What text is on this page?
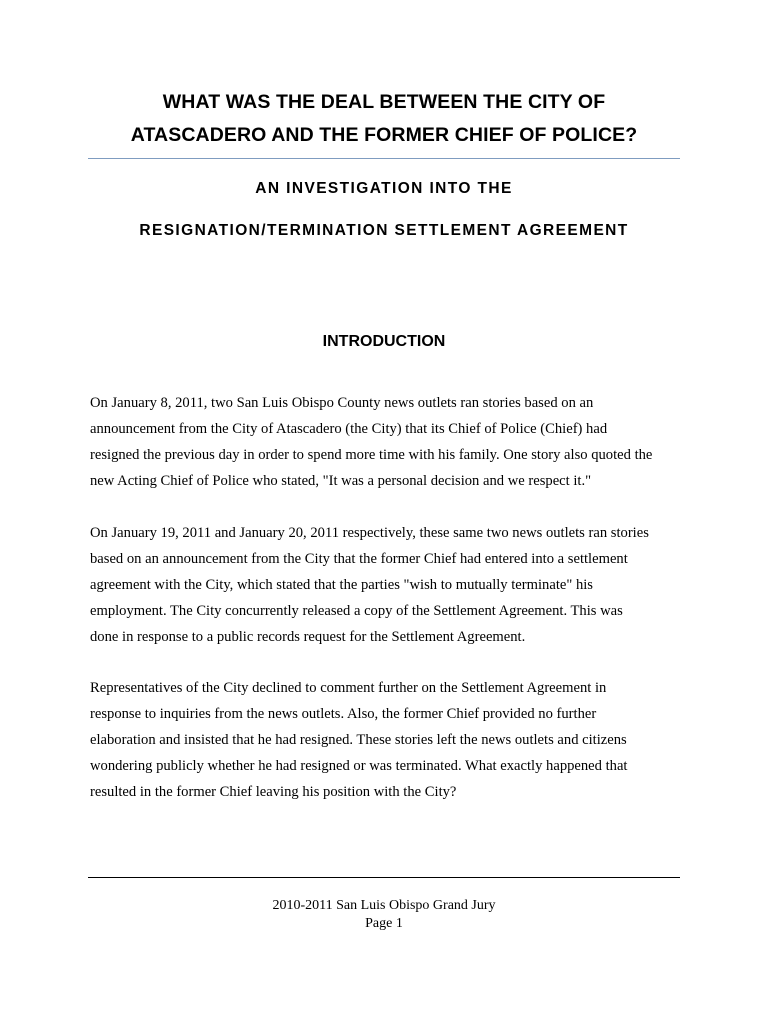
WHAT WAS THE DEAL BETWEEN THE CITY OF
ATASCADERO AND THE FORMER CHIEF OF POLICE?
AN INVESTIGATION INTO THE
RESIGNATION/TERMINATION SETTLEMENT AGREEMENT
INTRODUCTION

On January 8, 2011, two San Luis Obispo County news outlets ran stories based on an
announcement from the City of Atascadero (the City) that its Chief of Police (Chief) had
resigned the previous day in order to spend more time with his family. One story also quoted the
new Acting Chief of Police who stated, "It was a personal decision and we respect it."

On January 19, 2011 and January 20, 2011 respectively, these same two news outlets ran stories
based on an announcement from the City that the former Chief had entered into a settlement
agreement with the City, which stated that the parties "wish to mutually terminate" his
employment. The City concurrently released a copy of the Settlement Agreement. This was
done in response to a public records request for the Settlement Agreement.

Representatives of the City declined to comment further on the Settlement Agreement in
response to inquiries from the news outlets. Also, the former Chief provided no further
elaboration and insisted that he had resigned. These stories left the news outlets and citizens
wondering publicly whether he had resigned or was terminated. What exactly happened that
resulted in the former Chief leaving his position with the City?

2010-2011 San Luis Obispo Grand Jury
Page 1
